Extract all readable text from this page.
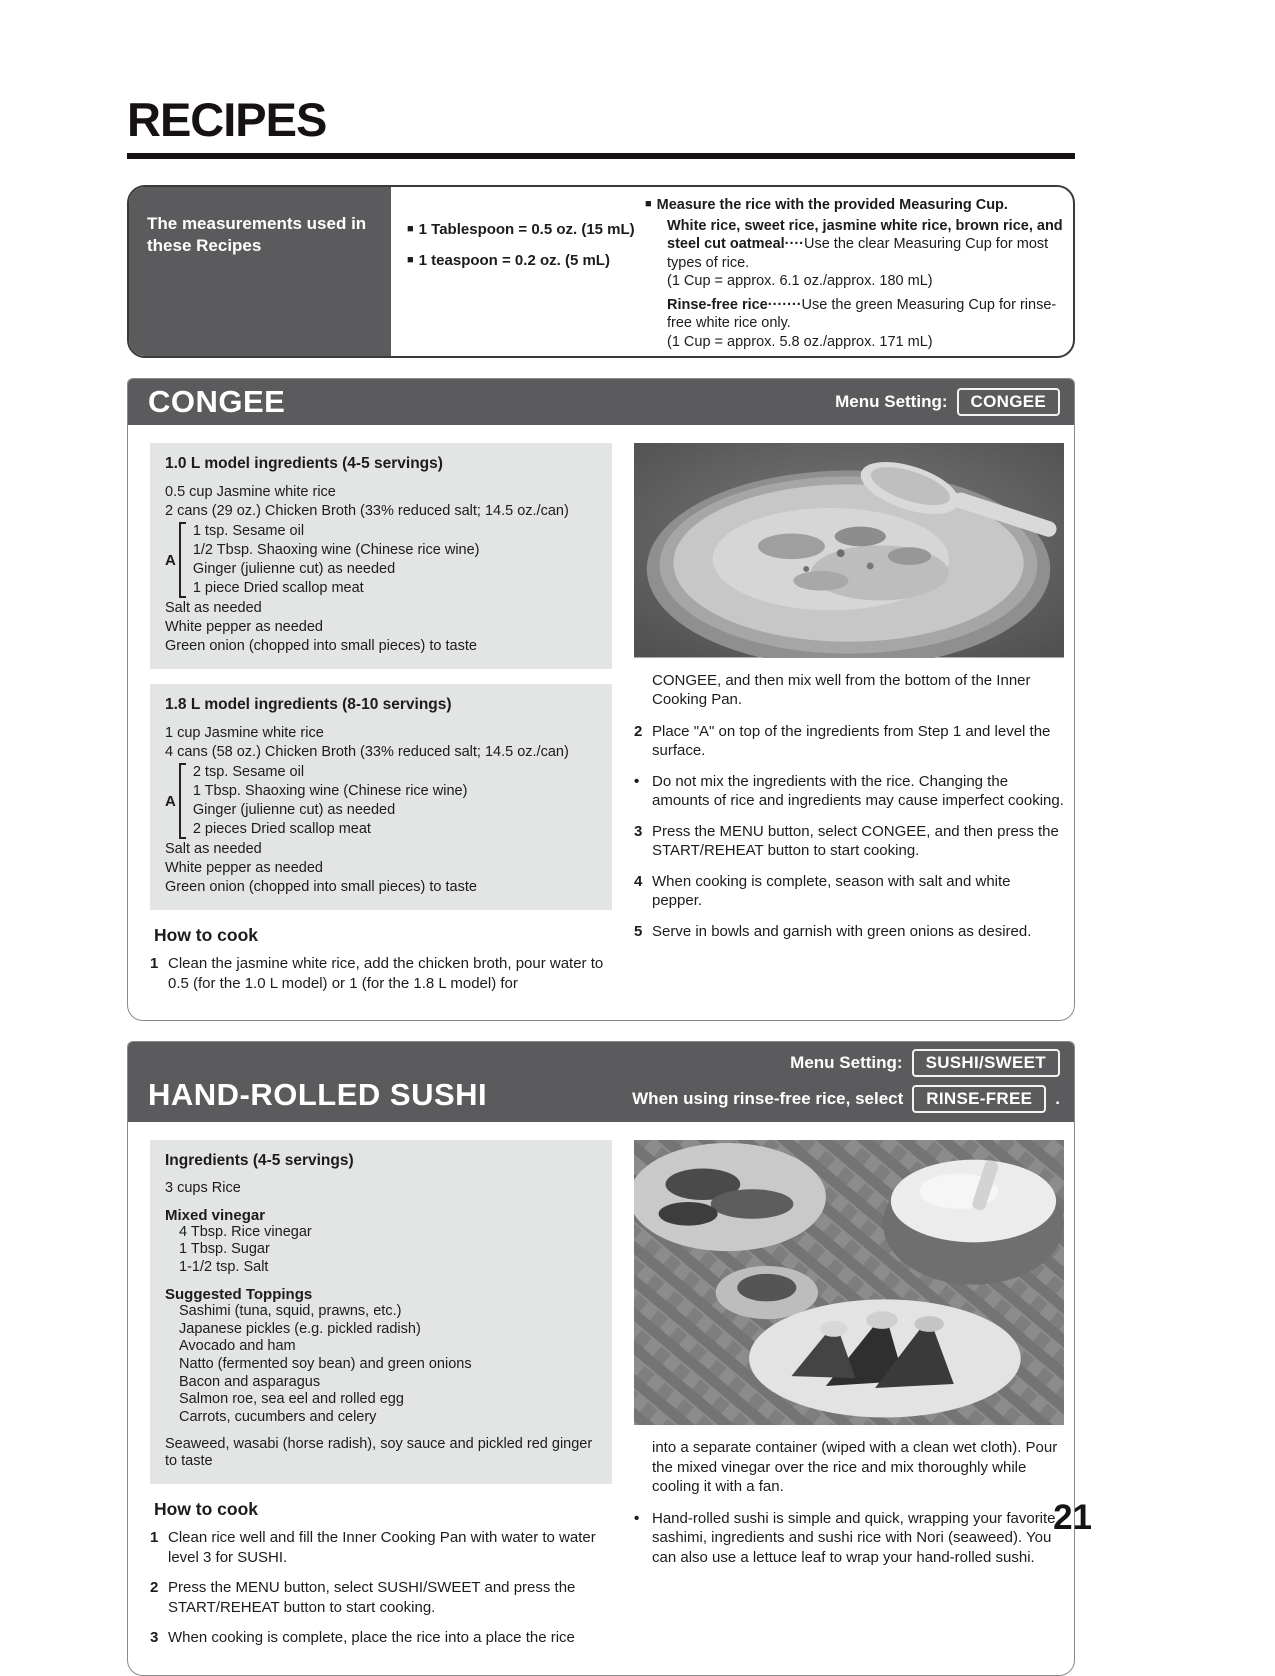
RECIPES
The measurements used in these Recipes
■ 1 Tablespoon = 0.5 oz. (15 mL)
■ 1 teaspoon = 0.2 oz. (5 mL)
■ Measure the rice with the provided Measuring Cup.
White rice, sweet rice, jasmine white rice, brown rice, and steel cut oatmeal····Use the clear Measuring Cup for most types of rice.
(1 Cup = approx. 6.1 oz./approx. 180 mL)
Rinse-free rice·······Use the green Measuring Cup for rinse-free white rice only.
(1 Cup = approx. 5.8 oz./approx. 171 mL)
CONGEE	Menu Setting:	CONGEE
1.0 L model ingredients (4-5 servings)
0.5 cup Jasmine white rice
2 cans (29 oz.) Chicken Broth (33% reduced salt; 14.5 oz./can)
A
1 tsp. Sesame oil
1/2 Tbsp. Shaoxing wine (Chinese rice wine)
Ginger (julienne cut) as needed
1 piece Dried scallop meat
Salt as needed
White pepper as needed
Green onion (chopped into small pieces) to taste
1.8 L model ingredients (8-10 servings)
1 cup Jasmine white rice
4 cans (58 oz.) Chicken Broth (33% reduced salt; 14.5 oz./can)
A
2 tsp. Sesame oil
1 Tbsp. Shaoxing wine (Chinese rice wine)
Ginger (julienne cut) as needed
2 pieces Dried scallop meat
Salt as needed
White pepper as needed
Green onion (chopped into small pieces) to taste
How to cook
1 Clean the jasmine white rice, add the chicken broth, pour water to 0.5 (for the 1.0 L model) or 1 (for the 1.8 L model) for
CONGEE, and then mix well from the bottom of the Inner Cooking Pan.
2 Place "A" on top of the ingredients from Step 1 and level the surface.
• Do not mix the ingredients with the rice. Changing the amounts of rice and ingredients may cause imperfect cooking.
3 Press the MENU button, select CONGEE, and then press the START/REHEAT button to start cooking.
4 When cooking is complete, season with salt and white pepper.
5 Serve in bowls and garnish with green onions as desired.
HAND-ROLLED SUSHI
Menu Setting:	SUSHI/SWEET
When using rinse-free rice, select	RINSE-FREE	.
Ingredients (4-5 servings)
3 cups Rice
Mixed vinegar
4 Tbsp. Rice vinegar
1 Tbsp. Sugar
1-1/2 tsp. Salt
Suggested Toppings
Sashimi (tuna, squid, prawns, etc.)
Japanese pickles (e.g. pickled radish)
Avocado and ham
Natto (fermented soy bean) and green onions
Bacon and asparagus
Salmon roe, sea eel and rolled egg
Carrots, cucumbers and celery
Seaweed, wasabi (horse radish), soy sauce and pickled red ginger to taste
How to cook
1 Clean rice well and fill the Inner Cooking Pan with water to water level 3 for SUSHI.
2 Press the MENU button, select SUSHI/SWEET and press the START/REHEAT button to start cooking.
3 When cooking is complete, place the rice into a place the rice
into a separate container (wiped with a clean wet cloth). Pour the mixed vinegar over the rice and mix thoroughly while cooling it with a fan.
• Hand-rolled sushi is simple and quick, wrapping your favorite sashimi, ingredients and sushi rice with Nori (seaweed). You can also use a lettuce leaf to wrap your hand-rolled sushi.
21
